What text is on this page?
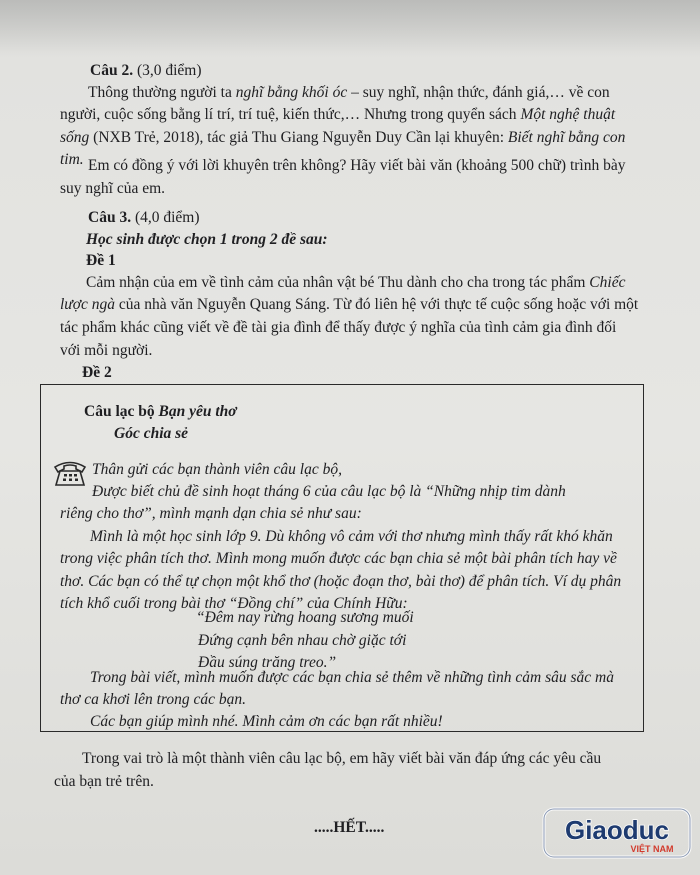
Câu 2. (3,0 điểm)

Thông thường người ta nghĩ bằng khối óc – suy nghĩ, nhận thức, đánh giá,… về con

người, cuộc sống bằng lí trí, trí tuệ, kiến thức,… Nhưng trong quyển sách Một nghệ thuật

sống (NXB Trẻ, 2018), tác giả Thu Giang Nguyễn Duy Cần lại khuyên: Biết nghĩ bằng con

tim. Em có đồng ý với lời khuyên trên không? Hãy viết bài văn (khoảng 500 chữ) trình bày

suy nghĩ của em.

Câu 3. (4,0 điểm)

Học sinh được chọn 1 trong 2 đề sau:

Đề 1

Cảm nhận của em về tình cảm của nhân vật bé Thu dành cho cha trong tác phẩm Chiếc

lược ngà của nhà văn Nguyễn Quang Sáng. Từ đó liên hệ với thực tế cuộc sống hoặc với một

tác phẩm khác cũng viết về đề tài gia đình để thấy được ý nghĩa của tình cảm gia đình đối

với mỗi người.

Đề 2

Câu lạc bộ Bạn yêu thơ

Góc chia sẻ

Thân gửi các bạn thành viên câu lạc bộ,

Được biết chủ đề sinh hoạt tháng 6 của câu lạc bộ là “Những nhịp tim dành

riêng cho thơ”, mình mạnh dạn chia sẻ như sau:

Mình là một học sinh lớp 9. Dù không vô cảm với thơ nhưng mình thấy rất khó khăn

trong việc phân tích thơ. Mình mong muốn được các bạn chia sẻ một bài phân tích hay về

thơ. Các bạn có thể tự chọn một khổ thơ (hoặc đoạn thơ, bài thơ) để phân tích. Ví dụ phân

tích khổ cuối trong bài thơ “Đồng chí” của Chính Hữu:

“Đêm nay rừng hoang sương muối

Đứng cạnh bên nhau chờ giặc tới

Đầu súng trăng treo.”

Trong bài viết, mình muốn được các bạn chia sẻ thêm về những tình cảm sâu sắc mà

thơ ca khơi lên trong các bạn.

Các bạn giúp mình nhé. Mình cảm ơn các bạn rất nhiều!

Trong vai trò là một thành viên câu lạc bộ, em hãy viết bài văn đáp ứng các yêu cầu

của bạn trẻ trên.

.....HẾT.....	Giaoduc
VIỆT NAM
